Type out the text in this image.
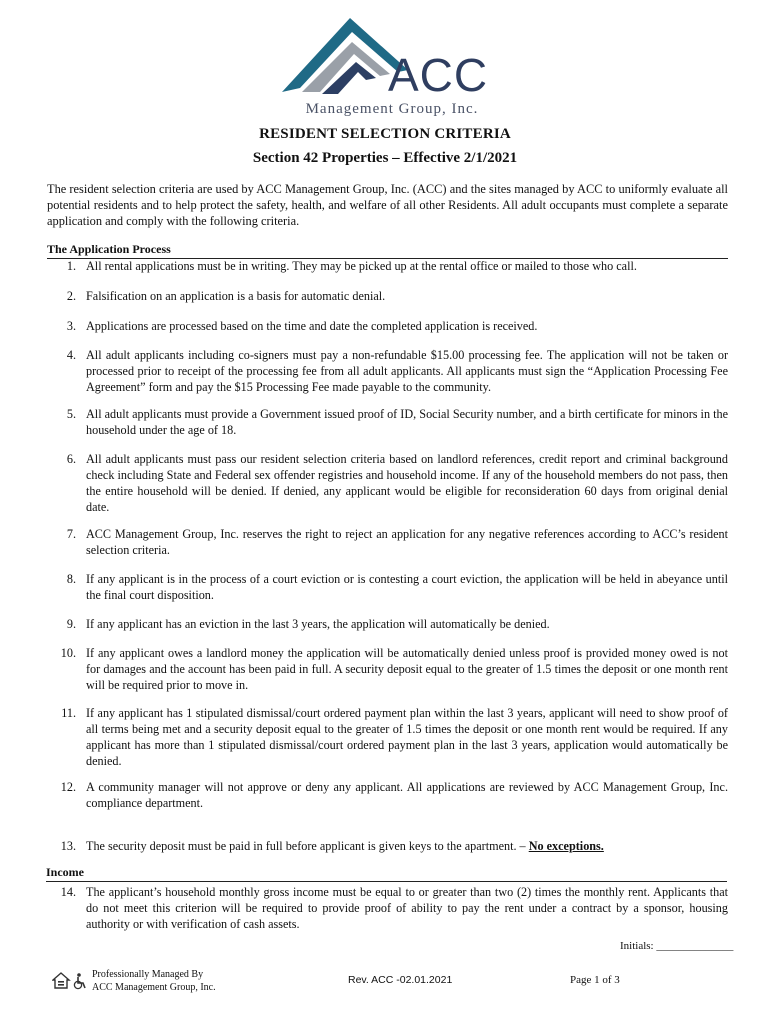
ACC
Management Group, Inc.
RESIDENT SELECTION CRITERIA
Section 42 Properties – Effective 2/1/2021
The resident selection criteria are used by ACC Management Group, Inc. (ACC) and the sites managed by ACC to uniformly evaluate all potential residents and to help protect the safety, health, and welfare of all other Residents. All adult occupants must complete a separate application and comply with the following criteria.
The Application Process
1. All rental applications must be in writing. They may be picked up at the rental office or mailed to those who call.
2. Falsification on an application is a basis for automatic denial.
3. Applications are processed based on the time and date the completed application is received.
4. All adult applicants including co-signers must pay a non-refundable $15.00 processing fee. The application will not be taken or processed prior to receipt of the processing fee from all adult applicants. All applicants must sign the “Application Processing Fee Agreement” form and pay the $15 Processing Fee made payable to the community.
5. All adult applicants must provide a Government issued proof of ID, Social Security number, and a birth certificate for minors in the household under the age of 18.
6. All adult applicants must pass our resident selection criteria based on landlord references, credit report and criminal background check including State and Federal sex offender registries and household income. If any of the household members do not pass, then the entire household will be denied. If denied, any applicant would be eligible for reconsideration 60 days from original denial date.
7. ACC Management Group, Inc. reserves the right to reject an application for any negative references according to ACC’s resident selection criteria.
8. If any applicant is in the process of a court eviction or is contesting a court eviction, the application will be held in abeyance until the final court disposition.
9. If any applicant has an eviction in the last 3 years, the application will automatically be denied.
10. If any applicant owes a landlord money the application will be automatically denied unless proof is provided money owed is not for damages and the account has been paid in full. A security deposit equal to the greater of 1.5 times the deposit or one month rent will be required prior to move in.
11. If any applicant has 1 stipulated dismissal/court ordered payment plan within the last 3 years, applicant will need to show proof of all terms being met and a security deposit equal to the greater of 1.5 times the deposit or one month rent would be required. If any applicant has more than 1 stipulated dismissal/court ordered payment plan in the last 3 years, application would automatically be denied.
12. A community manager will not approve or deny any applicant. All applications are reviewed by ACC Management Group, Inc. compliance department.
13. The security deposit must be paid in full before applicant is given keys to the apartment. – No exceptions.
Income
14. The applicant’s household monthly gross income must be equal to or greater than two (2) times the monthly rent. Applicants that do not meet this criterion will be required to provide proof of ability to pay the rent under a contract by a sponsor, housing authority or with verification of cash assets.
Initials: ______________
Professionally Managed By
ACC Management Group, Inc.
Rev. ACC -02.01.2021	Page 1 of 3
